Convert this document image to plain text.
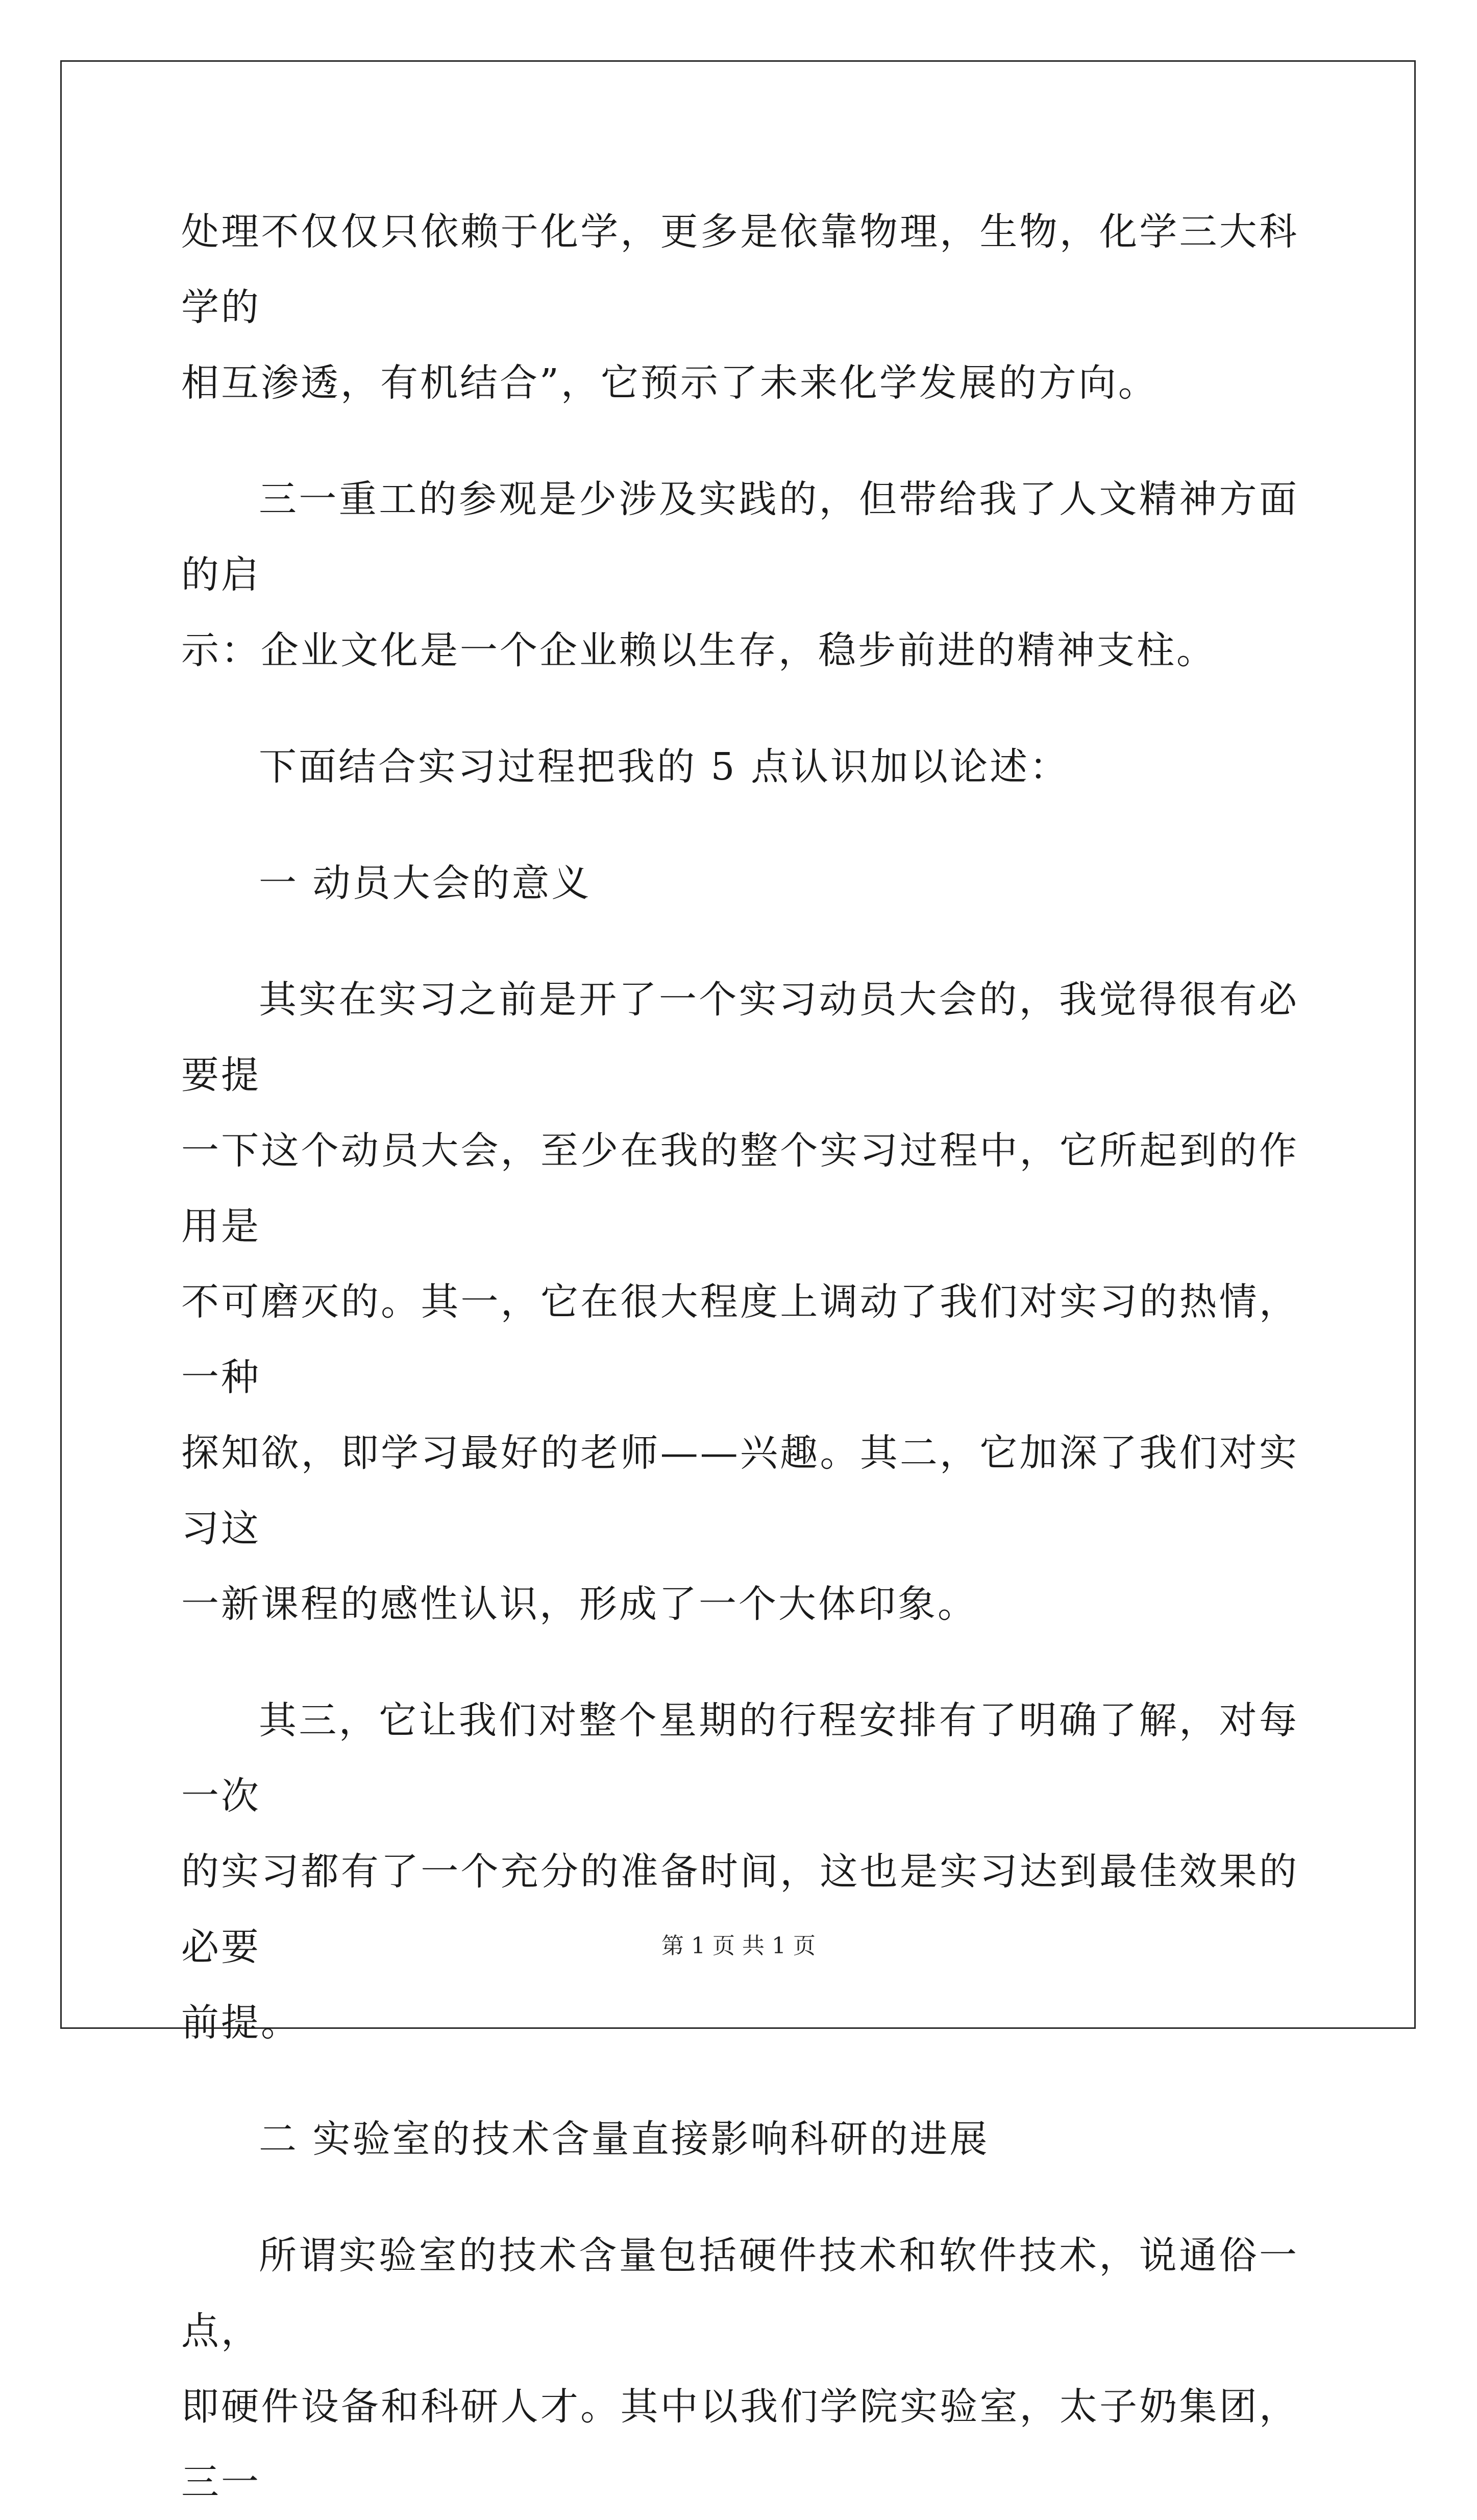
处理不仅仅只依赖于化学，更多是依靠物理，生物，化学三大科学的
相互渗透，有机结合”，它预示了未来化学发展的方向。

三一重工的参观是少涉及实践的，但带给我了人文精神方面的启
示：企业文化是一个企业赖以生存，稳步前进的精神支柱。

下面结合实习过程把我的 5 点认识加以论述：

一 动员大会的意义

其实在实习之前是开了一个实习动员大会的，我觉得很有必要提
一下这个动员大会，至少在我的整个实习过程中，它所起到的作用是
不可磨灭的。其一，它在很大程度上调动了我们对实习的热情，一种
探知欲，即学习最好的老师——兴趣。其二，它加深了我们对实习这
一新课程的感性认识，形成了一个大体印象。

其三，它让我们对整个星期的行程安排有了明确了解，对每一次
的实习都有了一个充分的准备时间，这也是实习达到最佳效果的必要
前提。

二 实验室的技术含量直接影响科研的进展

所谓实验室的技术含量包括硬件技术和软件技术，说通俗一点，
即硬件设备和科研人才。其中以我们学院实验室，太子奶集团，三一

第 1 页 共 1 页
